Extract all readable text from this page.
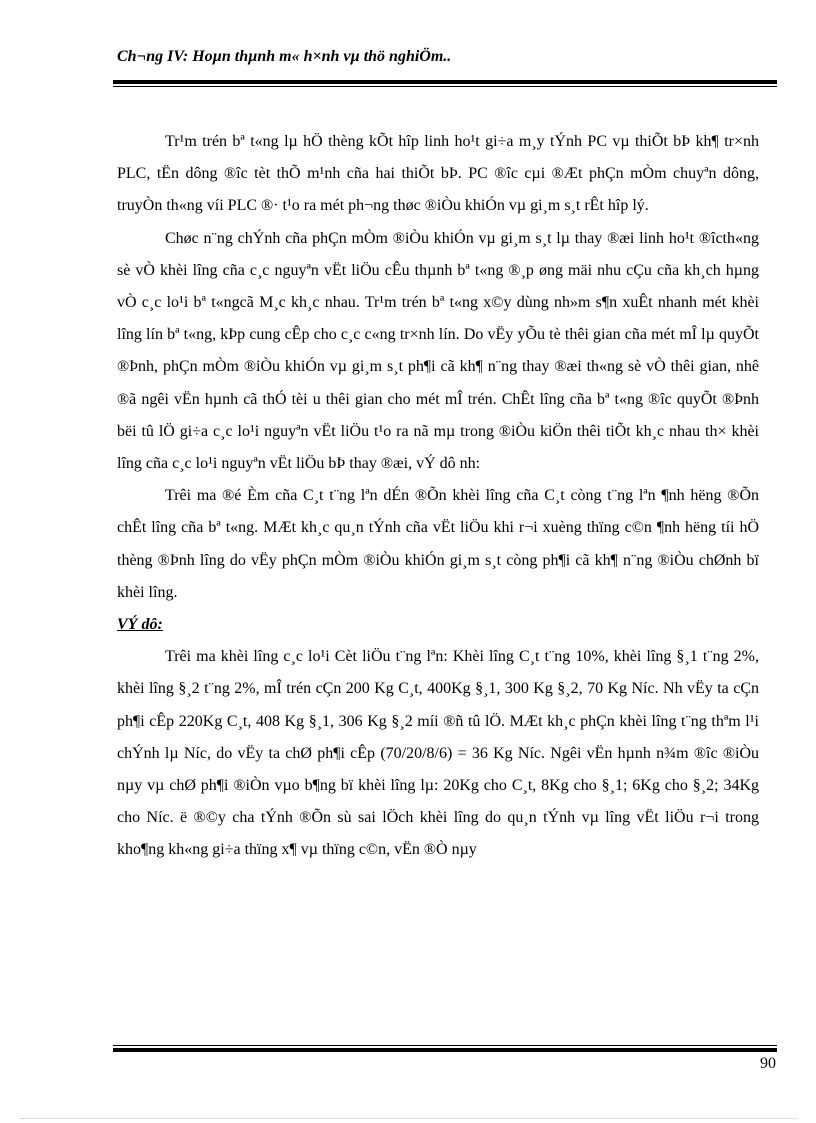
Ch¬ng IV: Hoµn thµnh m« h×nh vµ thö nghiÖm..

Tr¹m trén bª t«ng lµ hÖ thèng kÕt hîp linh ho¹t gi÷a m¸y tÝnh PC vµ thiÕt bÞ kh¶ tr×nh PLC, tËn dông ®îc tèt thÕ m¹nh cña hai thiÕt bÞ. PC ®îc cµi ®Æt phÇn mÒm chuyªn dông, truyÒn th«ng víi PLC ®· t¹o ra mét ph¬ng thøc ®iÒu khiÓn vµ gi¸m s¸t rÊt hîp lý.

Chøc n¨ng chÝnh cña phÇn mÒm ®iÒu khiÓn vµ gi¸m s¸t lµ thay ®æi linh ho¹t ®îcth«ng sè vÒ khèi lîng cña c¸c nguyªn vËt liÖu cÊu thµnh bª t«ng ®¸p øng mäi nhu cÇu cña kh¸ch hµng vÒ c¸c lo¹i bª t«ngcã M¸c kh¸c nhau. Tr¹m trén bª t«ng x©y dùng nh»m s¶n xuÊt nhanh mét khèi lîng lín bª t«ng, kÞp cung cÊp cho c¸c c«ng tr×nh lín. Do vËy yÕu tè thêi gian cña mét mÎ lµ quyÕt ®Þnh, phÇn mÒm ®iÒu khiÓn vµ gi¸m s¸t ph¶i cã kh¶ n¨ng thay ®æi th«ng sè vÒ thêi gian, nhê ®ã ngêi vËn hµnh cã thÓ tèi u thêi gian cho mét mÎ trén. ChÊt lîng cña bª t«ng ®îc quyÕt ®Þnh bëi tû lÖ gi÷a c¸c lo¹i nguyªn vËt liÖu t¹o ra nã mµ trong ®iÒu kiÖn thêi tiÕt kh¸c nhau th× khèi lîng cña c¸c lo¹i nguyªn vËt liÖu bÞ thay ®æi, vÝ dô nh:

Trêi ma ®é Èm cña C¸t t¨ng lªn dÉn ®Õn khèi lîng cña C¸t còng t¨ng lªn ¶nh hëng ®Õn chÊt lîng cña bª t«ng. MÆt kh¸c qu¸n tÝnh cña vËt liÖu khi r¬i xuèng thïng c©n ¶nh hëng tíi hÖ thèng ®Þnh lîng do vËy phÇn mÒm ®iÒu khiÓn gi¸m s¸t còng ph¶i cã kh¶ n¨ng ®iÒu chØnh bï khèi lîng.

VÝ dô:

Trêi ma khèi lîng c¸c lo¹i Cèt liÖu t¨ng lªn: Khèi lîng C¸t t¨ng 10%, khèi lîng §¸1 t¨ng 2%, khèi lîng §¸2 t¨ng 2%, mÎ trén cÇn 200 Kg C¸t, 400Kg §¸1, 300 Kg §¸2, 70 Kg Níc. Nh vËy ta cÇn ph¶i cÊp 220Kg C¸t, 408 Kg §¸1, 306 Kg §¸2 míi ®ñ tû lÖ. MÆt kh¸c phÇn khèi lîng t¨ng thªm l¹i chÝnh lµ Níc, do vËy ta chØ ph¶i cÊp (70/20/8/6) = 36 Kg Níc. Ngêi vËn hµnh n¾m ®îc ®iÒu nµy vµ chØ ph¶i ®iÒn vµo b¶ng bï khèi lîng lµ: 20Kg cho C¸t, 8Kg cho §¸1; 6Kg cho §¸2; 34Kg cho Níc. ë ®©y cha tÝnh ®Õn sù sai lÖch khèi lîng do qu¸n tÝnh vµ lîng vËt liÖu r¬i trong kho¶ng kh«ng gi÷a thïng x¶ vµ thïng c©n, vËn ®Ò nµy

90
